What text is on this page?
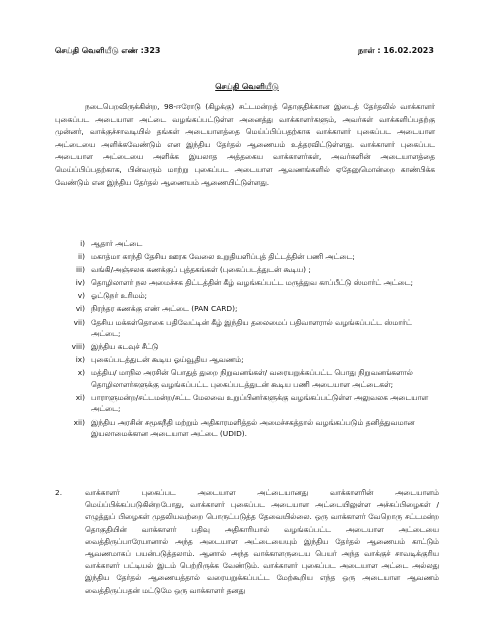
செய்தி வெளியீடு எண் :323	நாள் : 16.02.2023
செய்தி வெளியீடு
நடைபெறவிருக்கின்ற, 98-ஈரோடு (கிழக்கு) சட்டமன்றத் தொகுதிக்கான இடைத் தேர்தலில் வாக்காளர் புகைப்பட அடையாள அட்டை வழங்கப்பட்டுள்ள அனைத்து வாக்காளர்களும், அவர்கள் வாக்களிப்பதற்கு முன்னர், வாக்குச்சாவடியில் தங்கள் அடையாளத்தை மெய்ப்பிப்பதற்காக வாக்காளர் புகைப்பட அடையாள அட்டையை அளிக்கவேண்டும் என இந்திய தேர்தல் ஆணையம் உத்தரவிட்டுள்ளது. வாக்காளர் புகைப்பட அடையாள அட்டையை அளிக்க இயலாத அத்தகைய வாக்காளர்கள், அவர்களின் அடையாளத்தை மெய்ப்பிப்பதற்காக, பின்வரும் மாற்று புகைப்பட அடையாள ஆவணங்களில் ஏதேனுமொன்றை காண்பிக்க வேண்டும் என இந்திய தேர்தல் ஆணையம் ஆணையிட்டுள்ளது.
i) ஆதார் அட்டை
ii) மகாத்மா காந்தி தேசிய ஊரக வேலை உறுதியளிப்புத் திட்டத்தின் பணி அட்டை;
iii) வங்கி/அஞ்சலக கணக்குப் புத்தகங்கள் (புகைப்படத்துடன் கூடிய) ;
iv) தொழிலாளர் நல அமைச்சக திட்டத்தின் கீழ் வழங்கப்பட்ட மருத்துவ காப்பீட்டு ஸ்மார்ட் அட்டை;
v) ஓட்டுநர் உரிமம்;
vi) நிரந்தர கணக்கு எண் அட்டை (PAN CARD);
vii) தேசிய மக்கள்தொகை பதிவேட்டின் கீழ் இந்திய தலைமைப் பதிவாளரால் வழங்கப்பட்ட ஸ்மார்ட் அட்டை;
viii) இந்திய கடவுச் சீட்டு
ix) புகைப்படத்துடன் கூடிய ஓய்வூதிய ஆவணம்;
x) மத்திய/ மாநில அரசின் பொதுத் துறை நிறுவனங்கள்/ வரையறுக்கப்பட்ட பொது நிறுவனங்களால் தொழிலாளர்களுக்கு வழங்கப்பட்ட புகைப்படத்துடன் கூடிய பணி அடையாள அட்டைகள்;
xi) பாராளுமன்ற/சட்டமன்ற/சட்ட மேலவை உறுப்பினர்களுக்கு வழங்கப்பட்டுள்ள அலுவலக அடையாள அட்டை;
xii) இந்திய அரசின் சமூகநீதி மற்றும் அதிகாரமளித்தல் அமைச்சகத்தால் வழங்கப்படும் தனித்துவமான இயலாமைக்கான அடையாள அட்டை (UDID).
2.	வாக்காளர் புகைப்பட அடையாள அட்டையானது வாக்காளரின் அடையாளம் மெய்ப்பிக்கப்படுகின்றபோது, வாக்காளர் புகைப்பட அடையாள அட்டையிலுள்ள அச்சுப்பிழைகள் / எழுத்துப் பிழைகள் முதலியவற்றை பொருட்படுத்த தேவையில்லை. ஒரு வாக்காளர் வேறொரு சட்டமன்ற தொகுதியின் வாக்காளர் பதிவு அதிகாரியால் வழங்கப்பட்ட அடையாள அட்டையை வைத்திருப்பாரேயானால் அந்த அடையாள அட்டையையும் இந்திய தேர்தல் ஆணையம் காட்டும் ஆவணமாகப் பயன்படுத்தலாம். ஆனால் அந்த வாக்காளருடைய பெயர் அந்த வாக்குச் சாவடிக்குரிய வாக்காளர் பட்டியல் இடம் பெற்றிருக்க வேண்டும். வாக்காளர் புகைப்பட அடையாள அட்டை அல்லது இந்திய தேர்தல் ஆணையத்தால் வரையறுக்கப்பட்ட மேற்கூறிய எந்த ஒரு அடையாள ஆவணம் வைத்திருப்பதன் மட்டுமே ஒரு வாக்காளர் தனது
